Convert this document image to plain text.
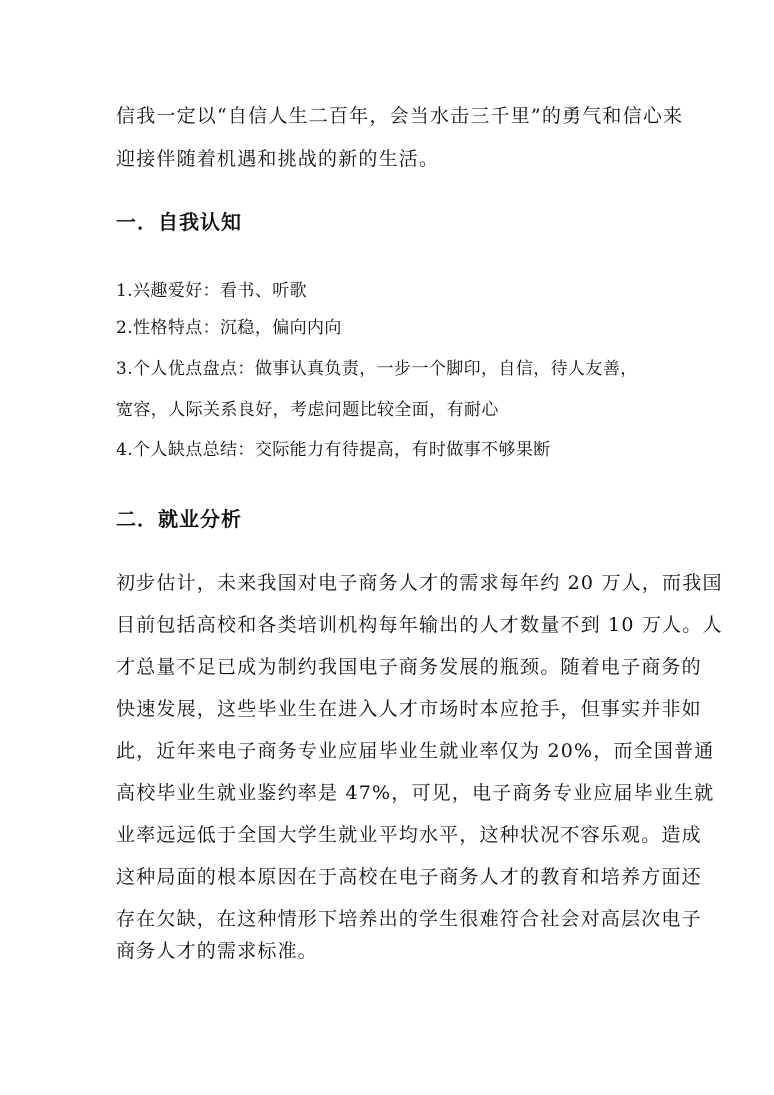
信我一定以“自信人生二百年，会当水击三千里”的勇气和信心来
迎接伴随着机遇和挑战的新的生活。
一．自我认知
1.兴趣爱好：看书、听歌
2.性格特点：沉稳，偏向内向
3.个人优点盘点：做事认真负责，一步一个脚印，自信，待人友善，
宽容，人际关系良好，考虑问题比较全面，有耐心
4.个人缺点总结：交际能力有待提高，有时做事不够果断
二．就业分析
初步估计，未来我国对电子商务人才的需求每年约 20 万人，而我国
目前包括高校和各类培训机构每年输出的人才数量不到 10 万人。人
才总量不足已成为制约我国电子商务发展的瓶颈。随着电子商务的
快速发展，这些毕业生在进入人才市场时本应抢手，但事实并非如
此，近年来电子商务专业应届毕业生就业率仅为 20%，而全国普通
高校毕业生就业鉴约率是 47%，可见，电子商务专业应届毕业生就
业率远远低于全国大学生就业平均水平，这种状况不容乐观。造成
这种局面的根本原因在于高校在电子商务人才的教育和培养方面还
存在欠缺，在这种情形下培养出的学生很难符合社会对高层次电子
商务人才的需求标准。
